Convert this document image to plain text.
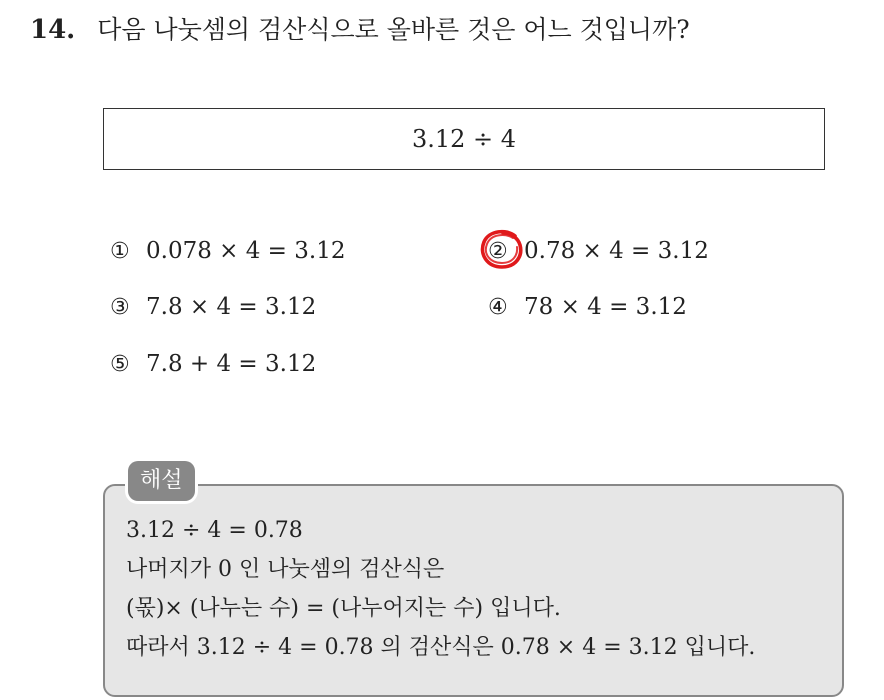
14. 다음 나눗셈의 검산식으로 올바른 것은 어느 것입니까?
3.12 ÷ 4
① 0.078 × 4 = 3.12	② 0.78 × 4 = 3.12
③ 7.8 × 4 = 3.12	④ 78 × 4 = 3.12
⑤ 7.8 + 4 = 3.12
해설
3.12 ÷ 4 = 0.78
나머지가 0 인 나눗셈의 검산식은
(몫)× (나누는 수) = (나누어지는 수) 입니다.
따라서 3.12 ÷ 4 = 0.78 의 검산식은 0.78 × 4 = 3.12 입니다.
